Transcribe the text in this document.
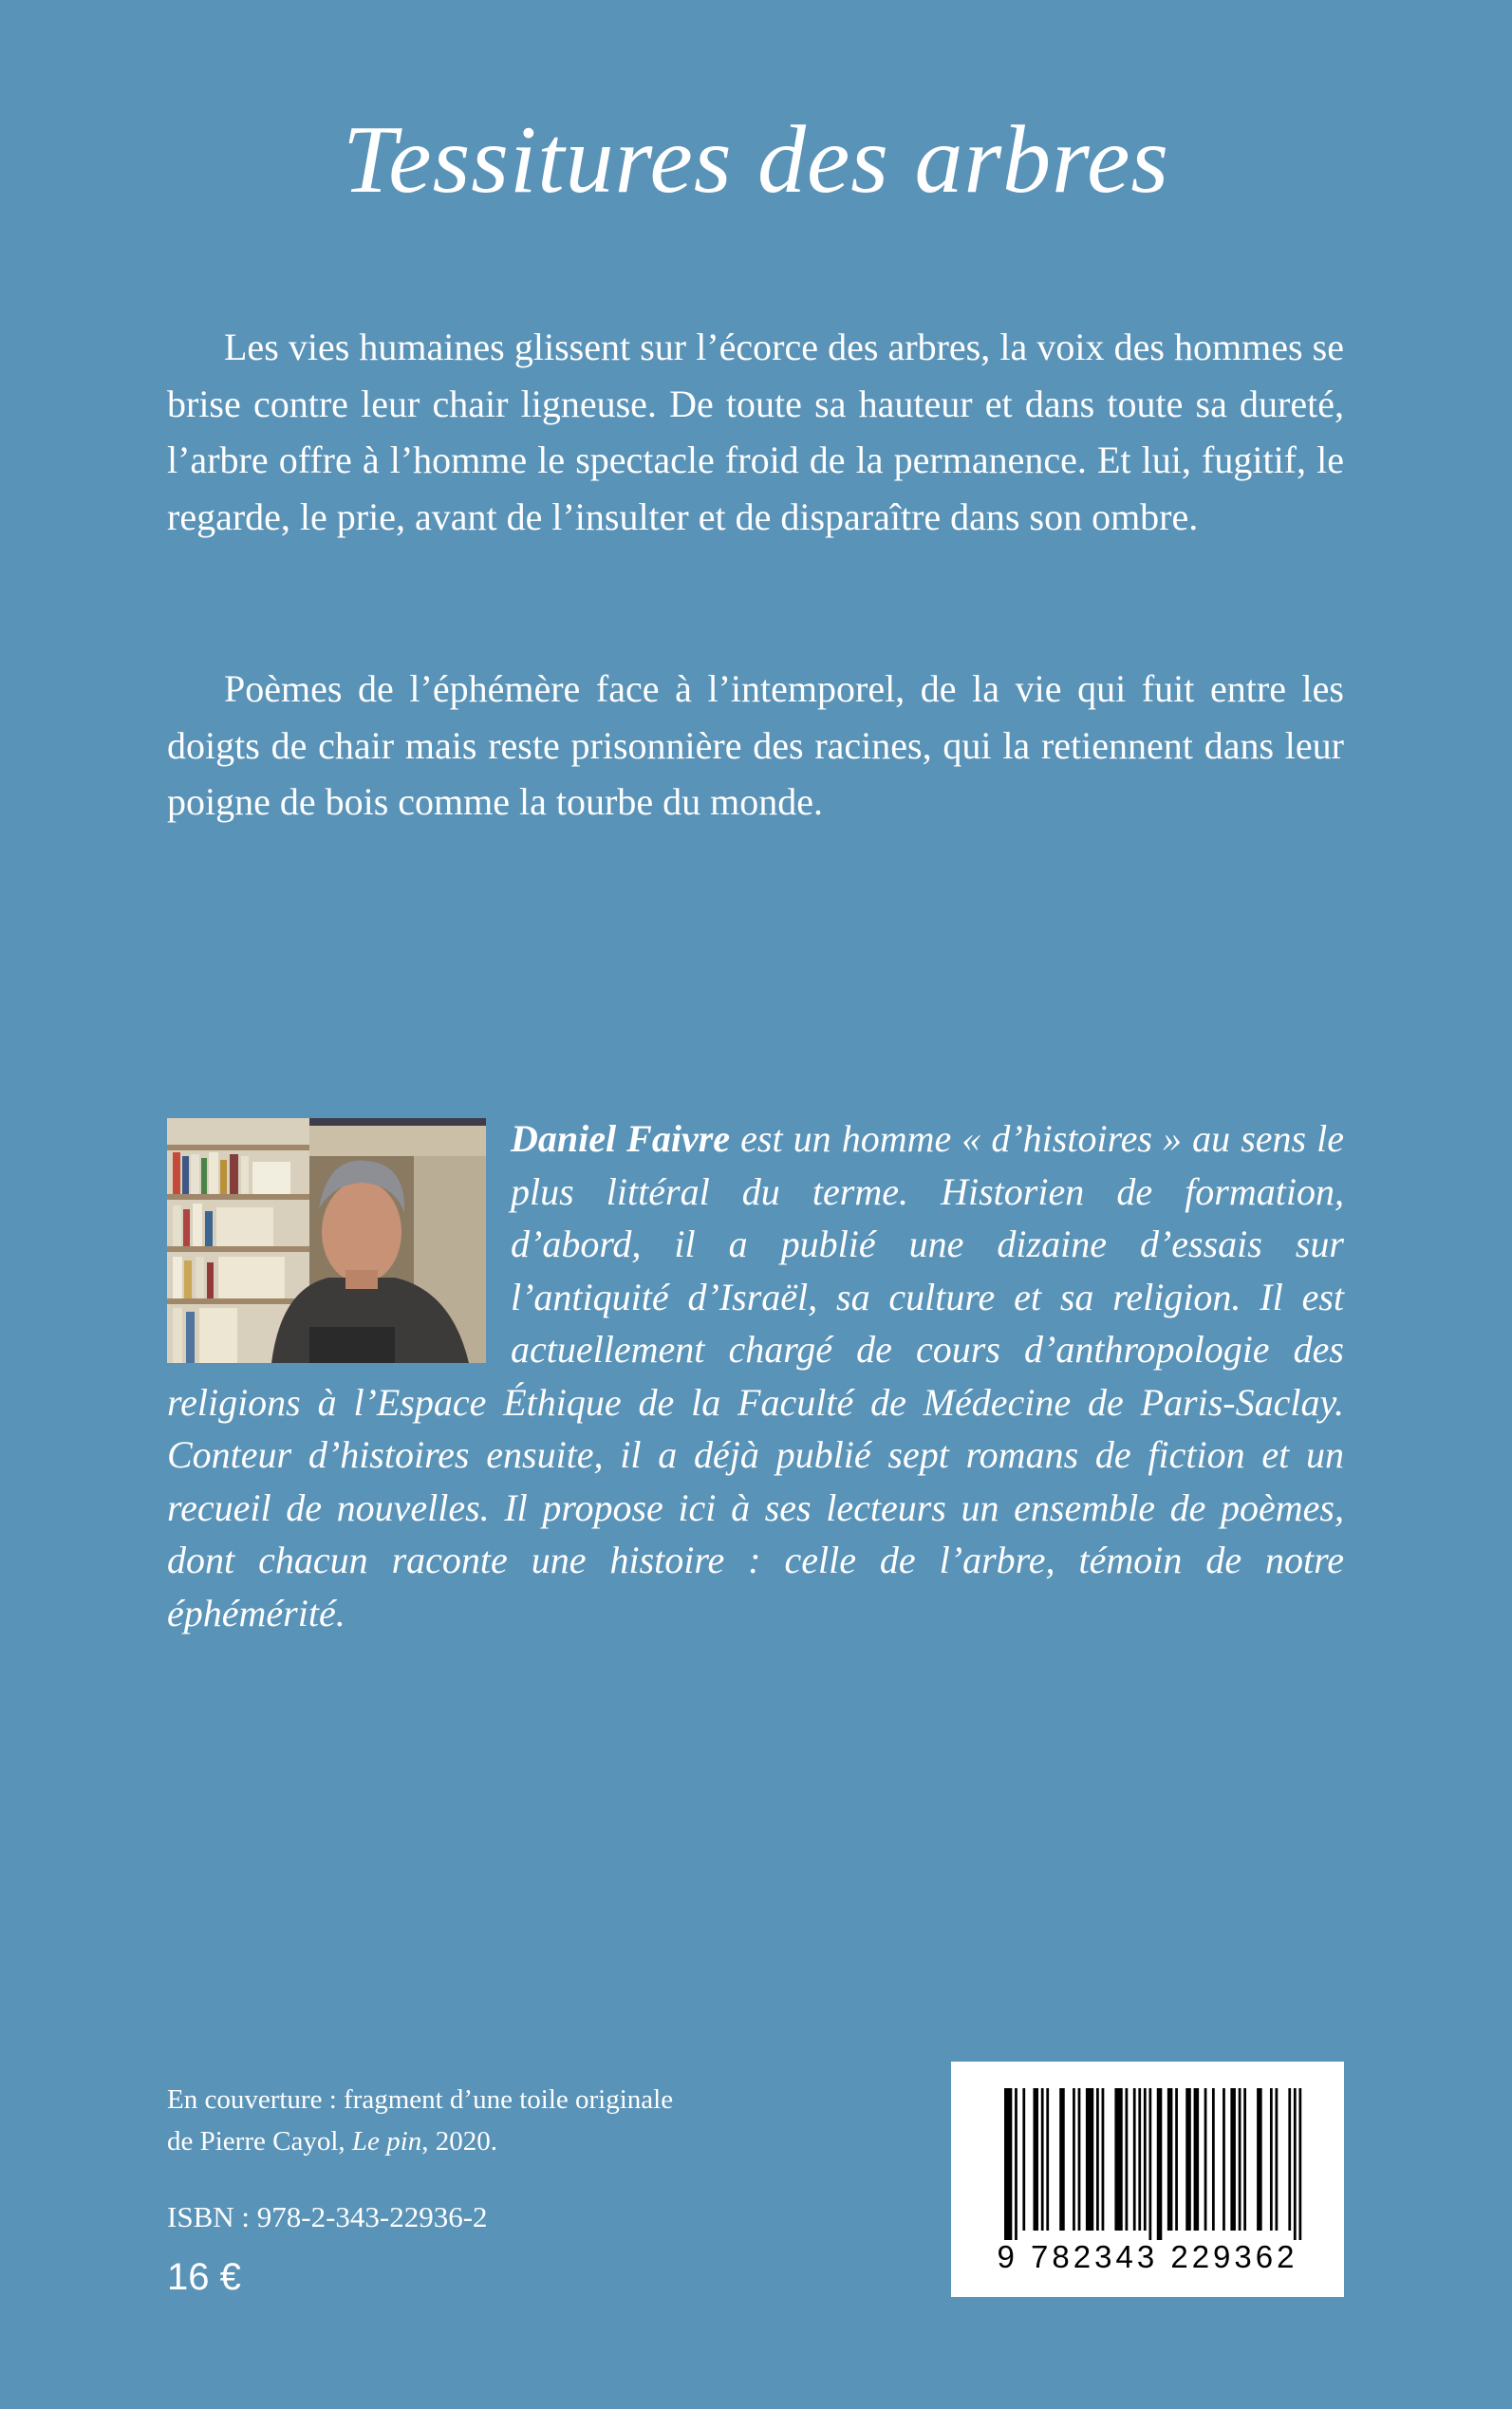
Tessitures des arbres

Les vies humaines glissent sur l’écorce des arbres, la voix des hommes se brise contre leur chair ligneuse. De toute sa hauteur et dans toute sa dureté, l’arbre offre à l’homme le spectacle froid de la permanence. Et lui, fugitif, le regarde, le prie, avant de l’insulter et de disparaître dans son ombre.

Poèmes de l’éphémère face à l’intemporel, de la vie qui fuit entre les doigts de chair mais reste prisonnière des racines, qui la retiennent dans leur poigne de bois comme la tourbe du monde.

Daniel Faivre est un homme « d’histoires » au sens le plus littéral du terme. Historien de formation, d’abord, il a publié une dizaine d’essais sur l’antiquité d’Israël, sa culture et sa religion. Il est actuellement chargé de cours d’anthropologie des religions à l’Espace Éthique de la Faculté de Médecine de Paris-Saclay. Conteur d’histoires ensuite, il a déjà publié sept romans de fiction et un recueil de nouvelles. Il propose ici à ses lecteurs un ensemble de poèmes, dont chacun raconte une histoire : celle de l’arbre, témoin de notre éphémérité.
En couverture : fragment d’une toile originale
de Pierre Cayol, Le pin, 2020.
ISBN : 978-2-343-22936-2
16 €	9 782343 229362
